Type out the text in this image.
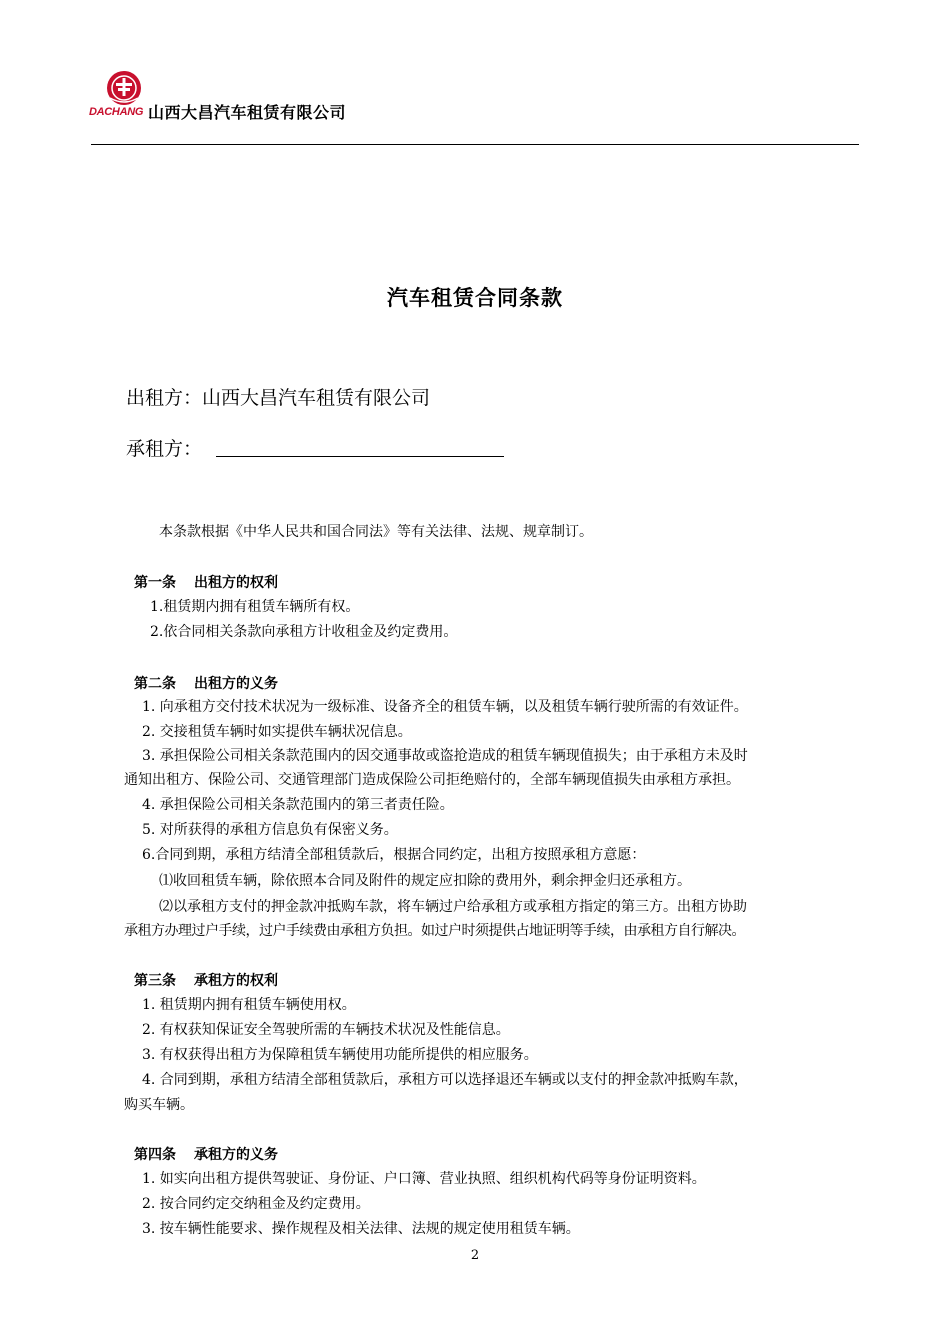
DACHANG 山西大昌汽车租赁有限公司
汽车租赁合同条款
出租方：山西大昌汽车租赁有限公司
承租方：
本条款根据《中华人民共和国合同法》等有关法律、法规、规章制订。
第一条 出租方的权利
1.租赁期内拥有租赁车辆所有权。
2.依合同相关条款向承租方计收租金及约定费用。
第二条 出租方的义务
1. 向承租方交付技术状况为一级标准、设备齐全的租赁车辆，以及租赁车辆行驶所需的有效证件。
2. 交接租赁车辆时如实提供车辆状况信息。
3. 承担保险公司相关条款范围内的因交通事故或盗抢造成的租赁车辆现值损失；由于承租方未及时
通知出租方、保险公司、交通管理部门造成保险公司拒绝赔付的，全部车辆现值损失由承租方承担。
4. 承担保险公司相关条款范围内的第三者责任险。
5. 对所获得的承租方信息负有保密义务。
6.合同到期，承租方结清全部租赁款后，根据合同约定，出租方按照承租方意愿：
⑴收回租赁车辆，除依照本合同及附件的规定应扣除的费用外，剩余押金归还承租方。
⑵以承租方支付的押金款冲抵购车款，将车辆过户给承租方或承租方指定的第三方。出租方协助
承租方办理过户手续，过户手续费由承租方负担。如过户时须提供占地证明等手续，由承租方自行解决。
第三条 承租方的权利
1. 租赁期内拥有租赁车辆使用权。
2. 有权获知保证安全驾驶所需的车辆技术状况及性能信息。
3. 有权获得出租方为保障租赁车辆使用功能所提供的相应服务。
4. 合同到期，承租方结清全部租赁款后，承租方可以选择退还车辆或以支付的押金款冲抵购车款，
购买车辆。
第四条 承租方的义务
1. 如实向出租方提供驾驶证、身份证、户口簿、营业执照、组织机构代码等身份证明资料。
2. 按合同约定交纳租金及约定费用。
3. 按车辆性能要求、操作规程及相关法律、法规的规定使用租赁车辆。
2
